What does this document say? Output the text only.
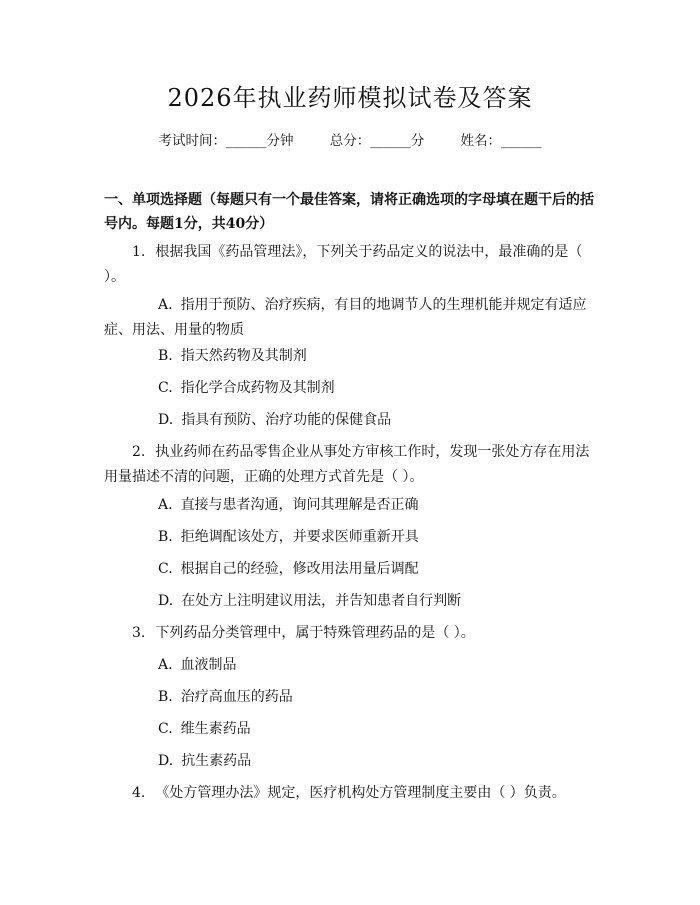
2026年执业药师模拟试卷及答案
考试时间：______分钟	总分：______分	姓名：______
一、单项选择题（每题只有一个最佳答案，请将正确选项的字母填在题干后的括号内。每题1分，共40分）
1. 根据我国《药品管理法》，下列关于药品定义的说法中，最准确的是（ ）。
A. 指用于预防、治疗疾病，有目的地调节人的生理机能并规定有适应症、用法、用量的物质
B. 指天然药物及其制剂
C. 指化学合成药物及其制剂
D. 指具有预防、治疗功能的保健食品
2. 执业药师在药品零售企业从事处方审核工作时，发现一张处方存在用法用量描述不清的问题，正确的处理方式首先是（ ）。
A. 直接与患者沟通，询问其理解是否正确
B. 拒绝调配该处方，并要求医师重新开具
C. 根据自己的经验，修改用法用量后调配
D. 在处方上注明建议用法，并告知患者自行判断
3. 下列药品分类管理中，属于特殊管理药品的是（ ）。
A. 血液制品
B. 治疗高血压的药品
C. 维生素药品
D. 抗生素药品
4. 《处方管理办法》规定，医疗机构处方管理制度主要由（ ）负责。
